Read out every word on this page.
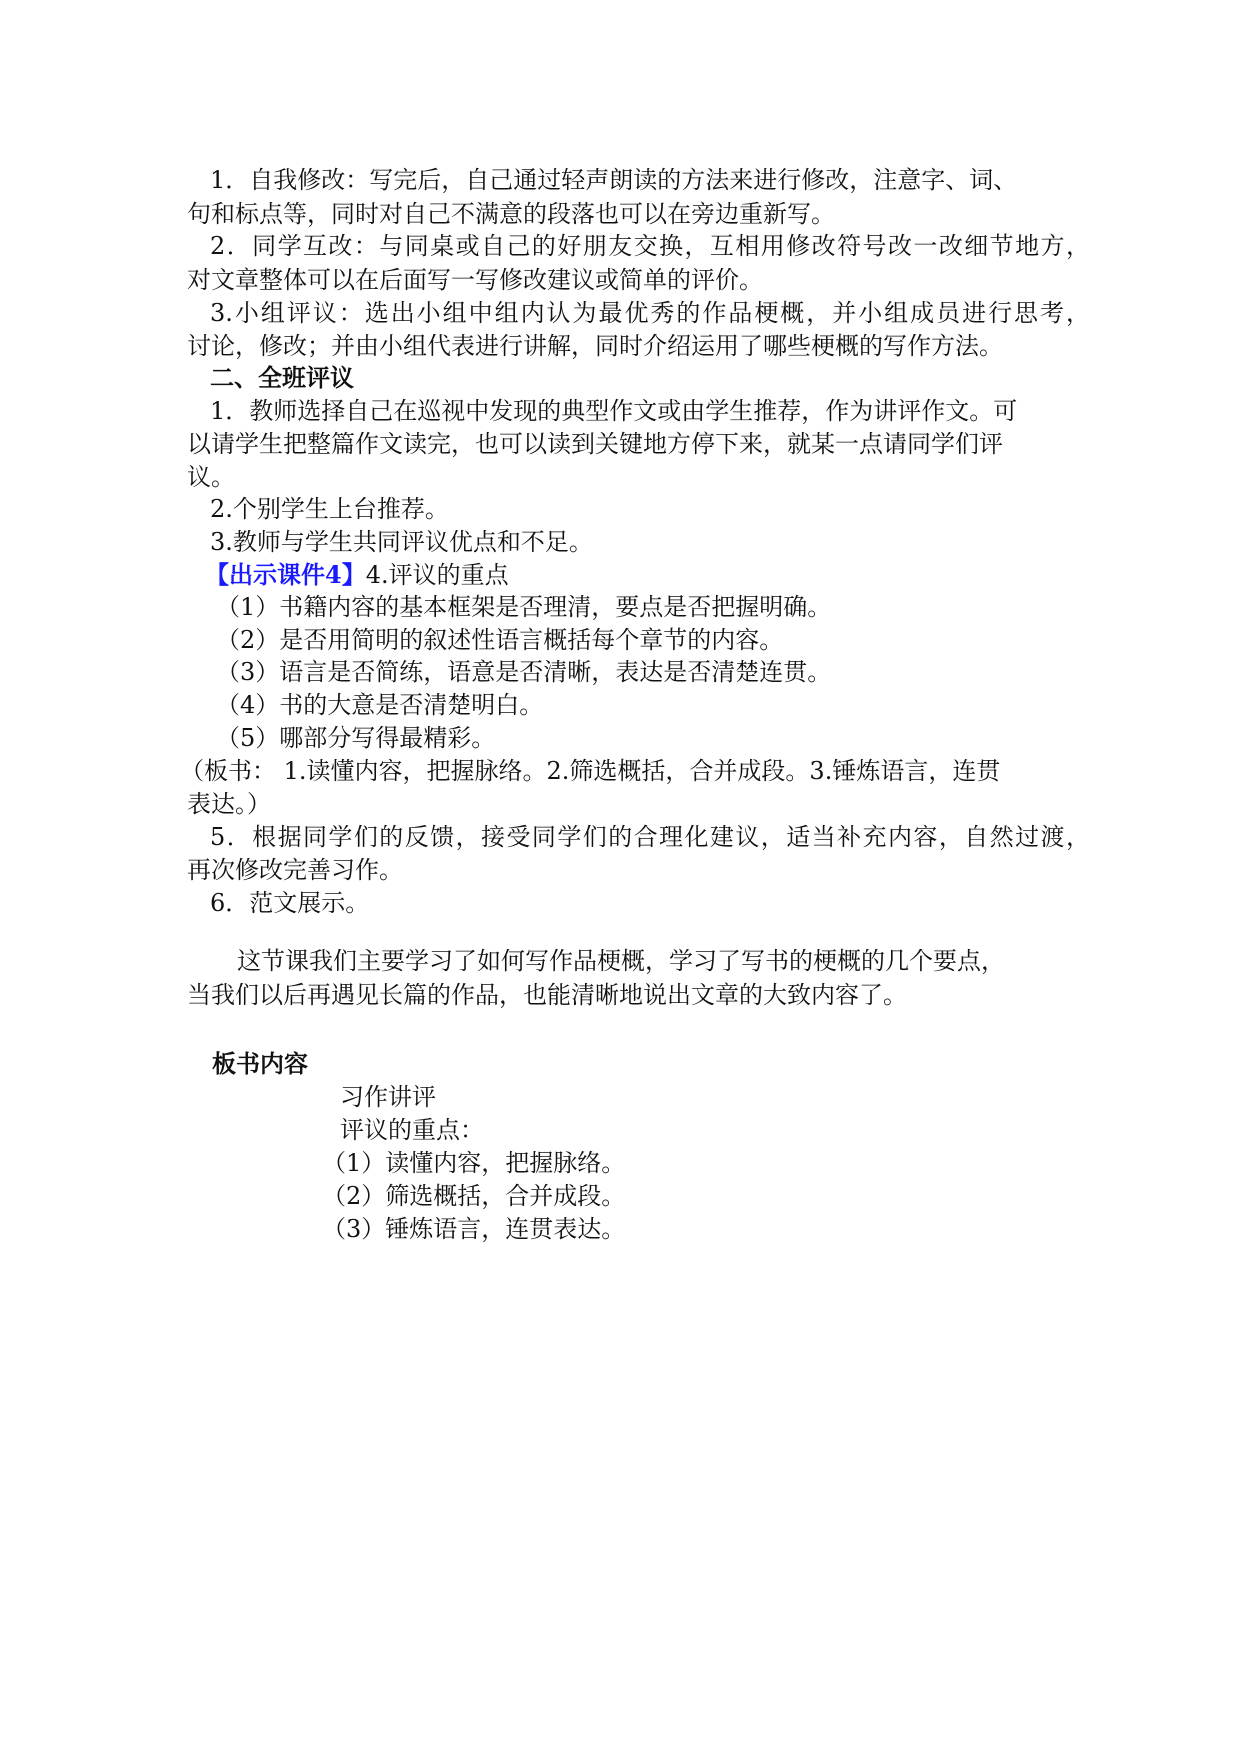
1．自我修改：写完后，自己通过轻声朗读的方法来进行修改，注意字、词、
句和标点等，同时对自己不满意的段落也可以在旁边重新写。
2．同学互改：与同桌或自己的好朋友交换，互相用修改符号改一改细节地方，
对文章整体可以在后面写一写修改建议或简单的评价。
3.小组评议：选出小组中组内认为最优秀的作品梗概，并小组成员进行思考，
讨论，修改；并由小组代表进行讲解，同时介绍运用了哪些梗概的写作方法。
二、全班评议
1．教师选择自己在巡视中发现的典型作文或由学生推荐，作为讲评作文。可
以请学生把整篇作文读完，也可以读到关键地方停下来，就某一点请同学们评
议。
2.个别学生上台推荐。
3.教师与学生共同评议优点和不足。
【出示课件4】4.评议的重点
（1）书籍内容的基本框架是否理清，要点是否把握明确。
（2）是否用简明的叙述性语言概括每个章节的内容。
（3）语言是否简练，语意是否清晰，表达是否清楚连贯。
（4）书的大意是否清楚明白。
（5）哪部分写得最精彩。
（板书： 1.读懂内容，把握脉络。2.筛选概括，合并成段。3.锤炼语言，连贯
表达。）
5．根据同学们的反馈，接受同学们的合理化建议，适当补充内容，自然过渡，
再次修改完善习作。
6．范文展示。
这节课我们主要学习了如何写作品梗概，学习了写书的梗概的几个要点，
当我们以后再遇见长篇的作品，也能清晰地说出文章的大致内容了。
板书内容
习作讲评
评议的重点：
（1）读懂内容，把握脉络。
（2）筛选概括，合并成段。
（3）锤炼语言，连贯表达。
